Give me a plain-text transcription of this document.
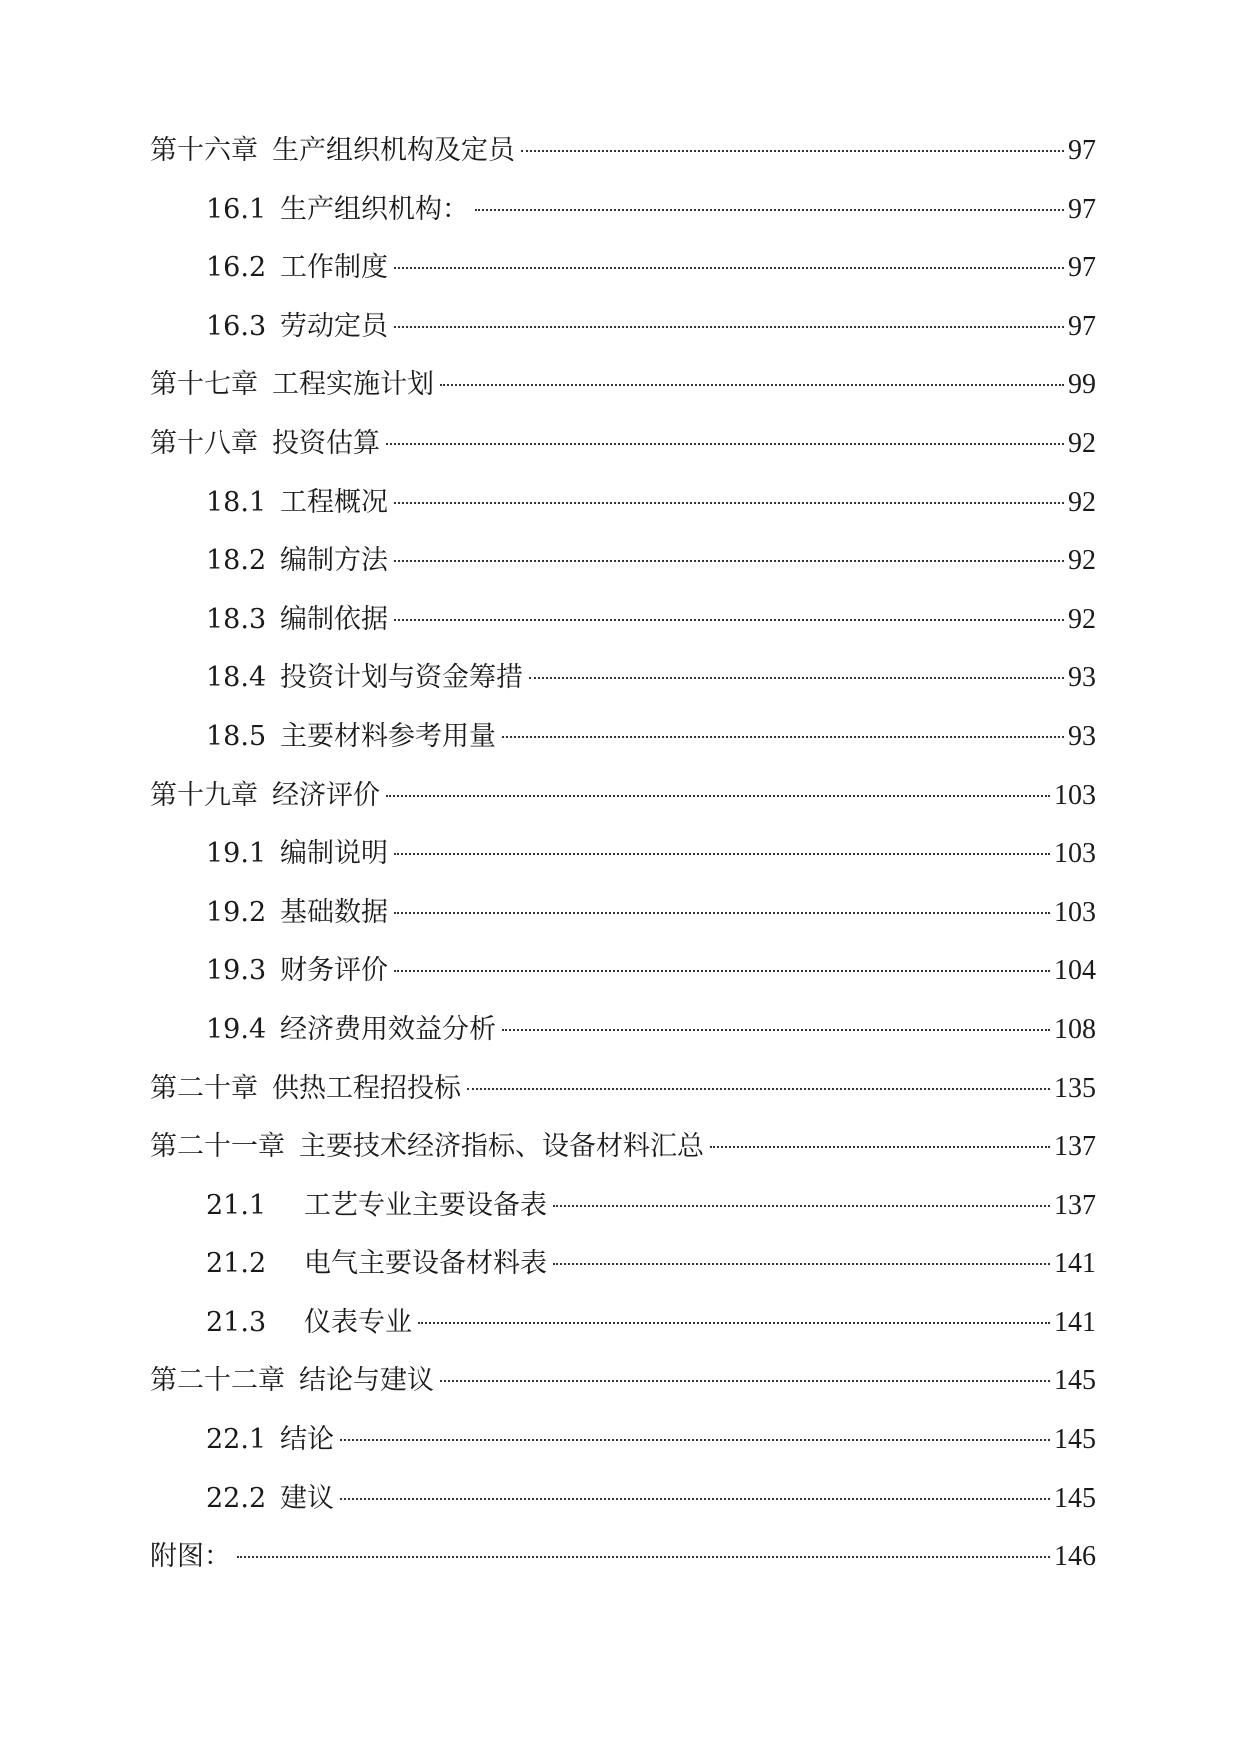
第十六章 生产组织机构及定员	97
16.1 生产组织机构：	97
16.2 工作制度	97
16.3 劳动定员	97
第十七章 工程实施计划	99
第十八章 投资估算	92
18.1 工程概况	92
18.2 编制方法	92
18.3 编制依据	92
18.4 投资计划与资金筹措	93
18.5 主要材料参考用量	93
第十九章 经济评价	103
19.1 编制说明	103
19.2 基础数据	103
19.3 财务评价	104
19.4 经济费用效益分析	108
第二十章 供热工程招投标	135
第二十一章 主要技术经济指标、设备材料汇总	137
21.1	工艺专业主要设备表	137
21.2	电气主要设备材料表	141
21.3	仪表专业	141
第二十二章 结论与建议	145
22.1 结论	145
22.2 建议	145
附图：	146
